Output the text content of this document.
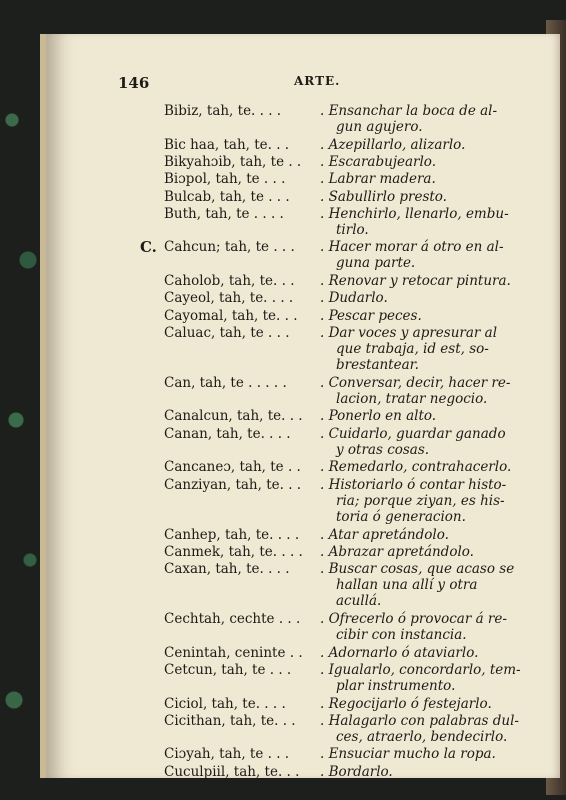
146	ARTE.
Bibiz, tah, te. . . .	. Ensanchar la boca de al-
gun agujero.
Bic haa, tah, te. . .	. Azepillarlo, alizarlo.
Bikyahɔib, tah, te . .	. Escarabujearlo.
Biɔpol, tah, te . . .	. Labrar madera.
Bulcab, tah, te . . .	. Sabullirlo presto.
Buth, tah, te . . . .	. Henchirlo, llenarlo, embu-
tirlo.
C. Cahcun; tah, te . . .	. Hacer morar á otro en al-
guna parte.
Caholob, tah, te. . .	. Renovar y retocar pintura.
Cayeol, tah, te. . . .	. Dudarlo.
Cayomal, tah, te. . .	. Pescar peces.
Caluac, tah, te . . .	. Dar voces y apresurar al
que trabaja, id est, so-
brestantear.
Can, tah, te . . . . .	. Conversar, decir, hacer re-
lacion, tratar negocio.
Canalcun, tah, te. . .	. Ponerlo en alto.
Canan, tah, te. . . .	. Cuidarlo, guardar ganado
y otras cosas.
Cancaneɔ, tah, te . .	. Remedarlo, contrahacerlo.
Canziyan, tah, te. . .	. Historiarlo ó contar histo-
ria; porque ziyan, es his-
toria ó generacion.
Canhep, tah, te. . . .	. Atar apretándolo.
Canmek, tah, te. . . .	. Abrazar apretándolo.
Caxan, tah, te. . . .	. Buscar cosas, que acaso se
hallan una allí y otra
acullá.
Cechtah, cechte . . .	. Ofrecerlo ó provocar á re-
cibir con instancia.
Cenintah, cenintе . .	. Adornarlo ó ataviarlo.
Cetcun, tah, te . . .	. Igualarlo, concordarlo, tem-
plar instrumento.
Ciciol, tah, te. . . .	. Regocijarlo ó festejarlo.
Cicithan, tah, te. . .	. Halagarlo con palabras dul-
ces, atraerlo, bendecirlo.
Ciɔyah, tah, te . . .	. Ensuciar mucho la ropa.
Cuculpiil, tah, te. . .	. Bordarlo.
